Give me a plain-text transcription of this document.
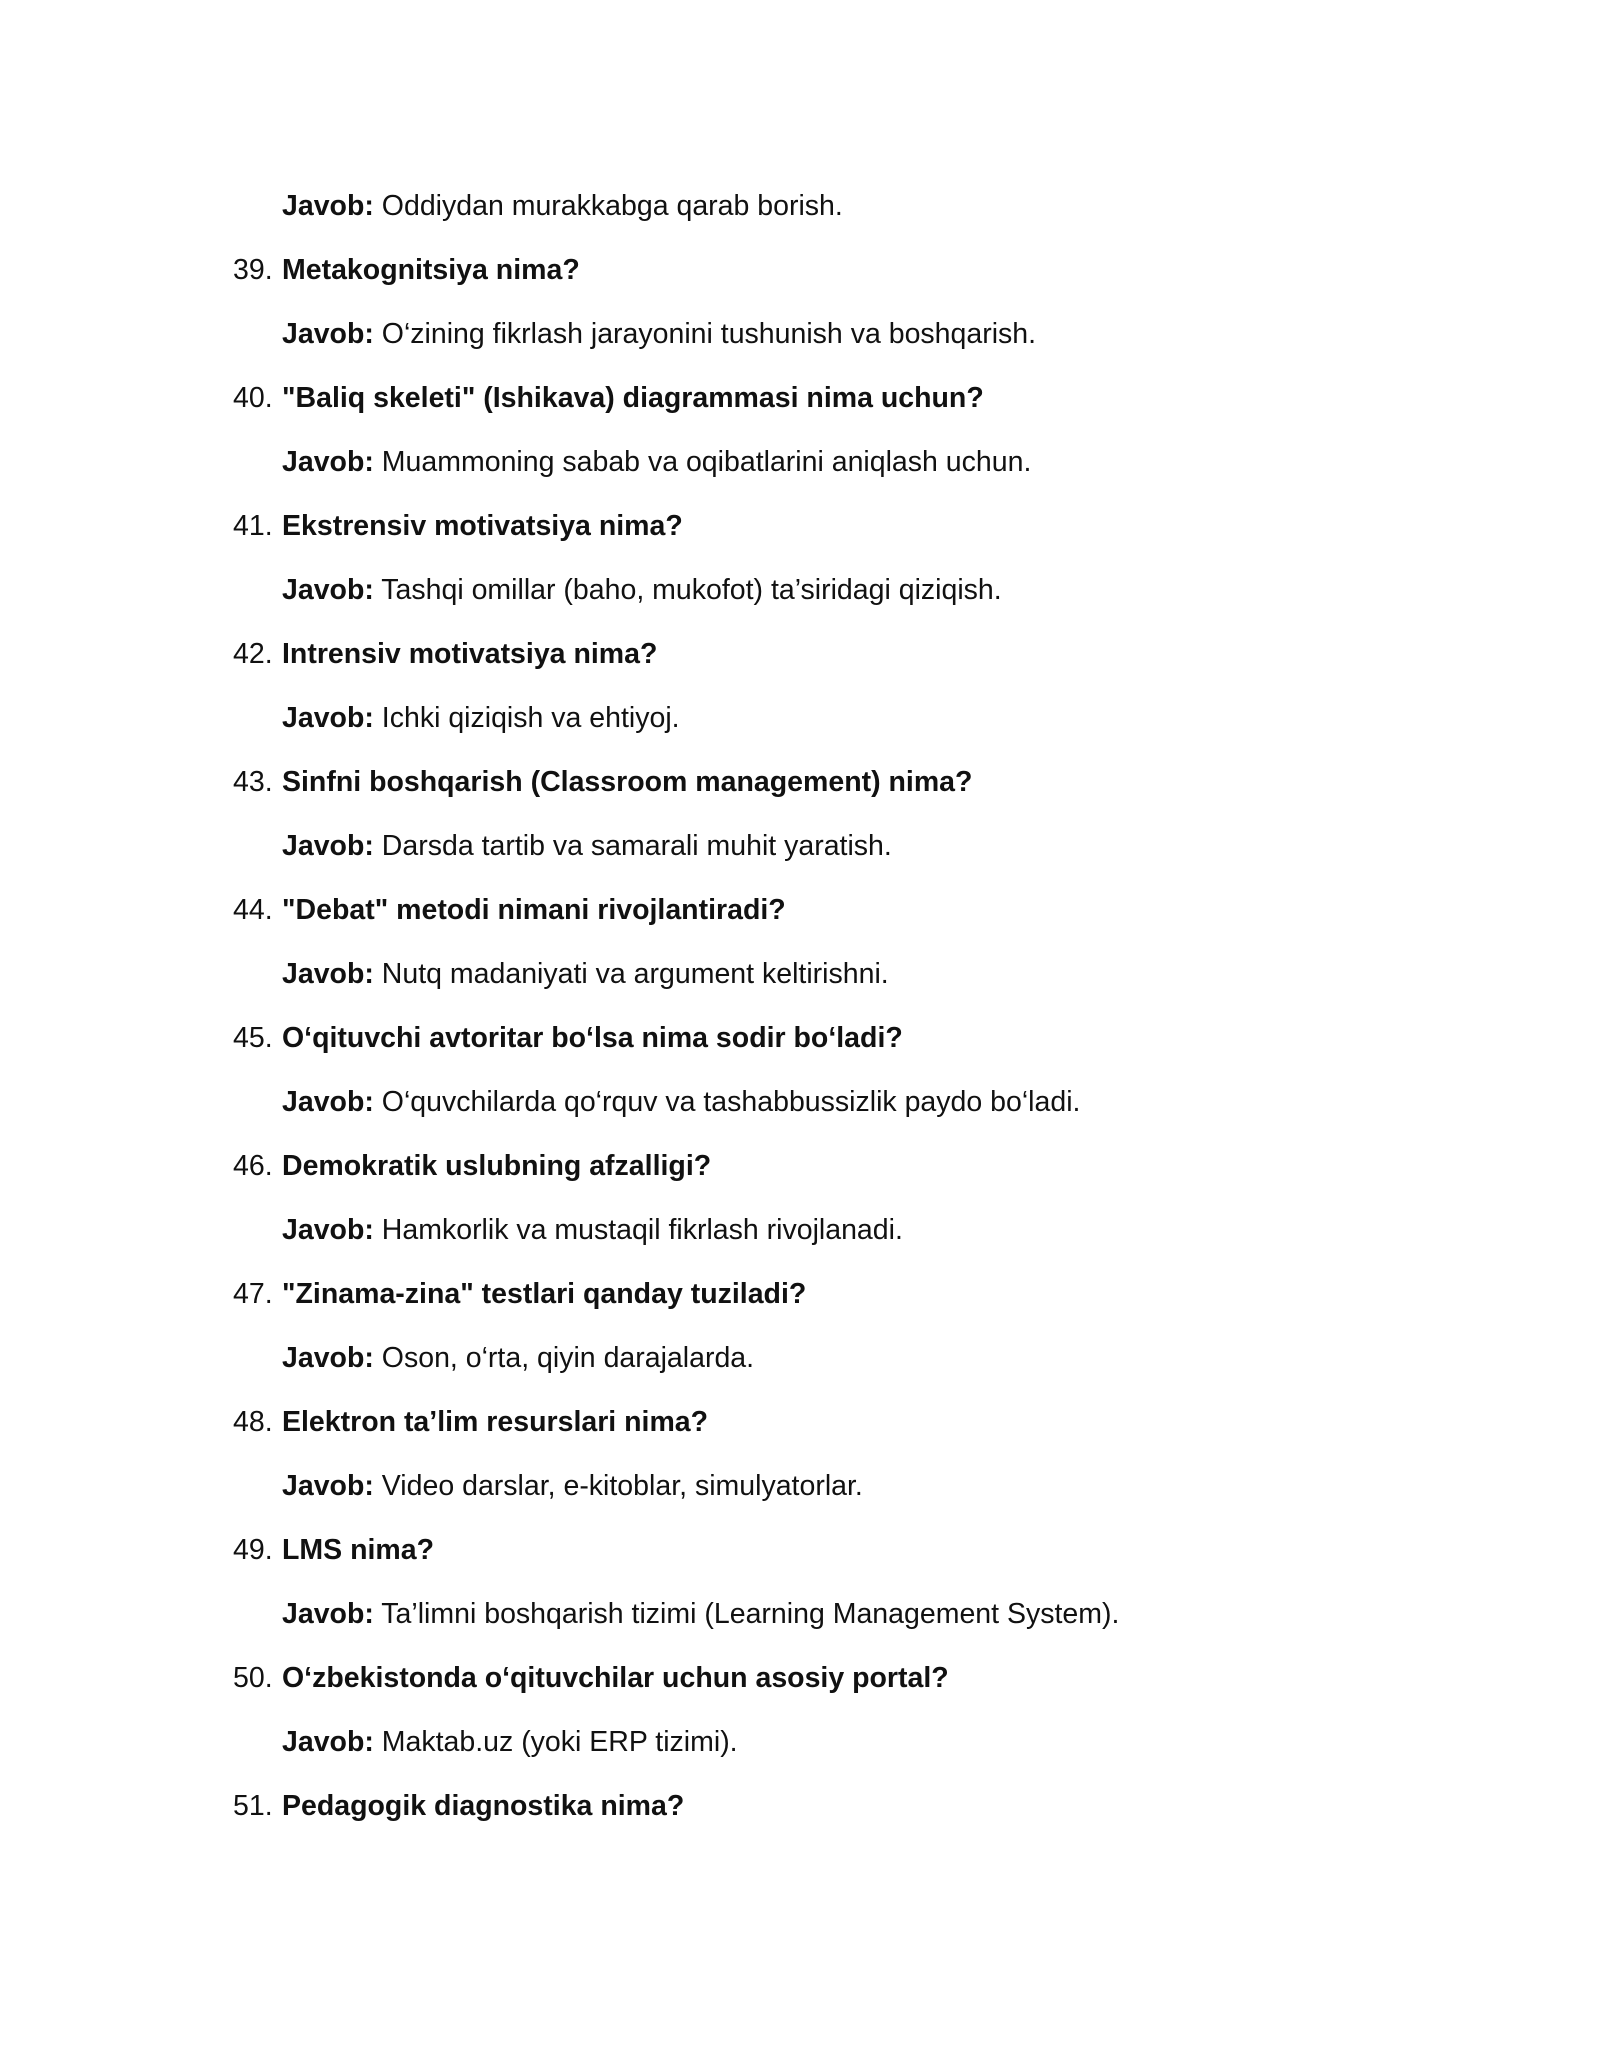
Javob: Oddiydan murakkabga qarab borish.
39. Metakognitsiya nima?
Javob: O‘zining fikrlash jarayonini tushunish va boshqarish.
40. "Baliq skeleti" (Ishikava) diagrammasi nima uchun?
Javob: Muammoning sabab va oqibatlarini aniqlash uchun.
41. Ekstrensiv motivatsiya nima?
Javob: Tashqi omillar (baho, mukofot) ta’siridagi qiziqish.
42. Intrensiv motivatsiya nima?
Javob: Ichki qiziqish va ehtiyoj.
43. Sinfni boshqarish (Classroom management) nima?
Javob: Darsda tartib va samarali muhit yaratish.
44. "Debat" metodi nimani rivojlantiradi?
Javob: Nutq madaniyati va argument keltirishni.
45. O‘qituvchi avtoritar bo‘lsa nima sodir bo‘ladi?
Javob: O‘quvchilarda qo‘rquv va tashabbussizlik paydo bo‘ladi.
46. Demokratik uslubning afzalligi?
Javob: Hamkorlik va mustaqil fikrlash rivojlanadi.
47. "Zinama-zina" testlari qanday tuziladi?
Javob: Oson, o‘rta, qiyin darajalarda.
48. Elektron ta’lim resurslari nima?
Javob: Video darslar, e-kitoblar, simulyatorlar.
49. LMS nima?
Javob: Ta’limni boshqarish tizimi (Learning Management System).
50. O‘zbekistonda o‘qituvchilar uchun asosiy portal?
Javob: Maktab.uz (yoki ERP tizimi).
51. Pedagogik diagnostika nima?
